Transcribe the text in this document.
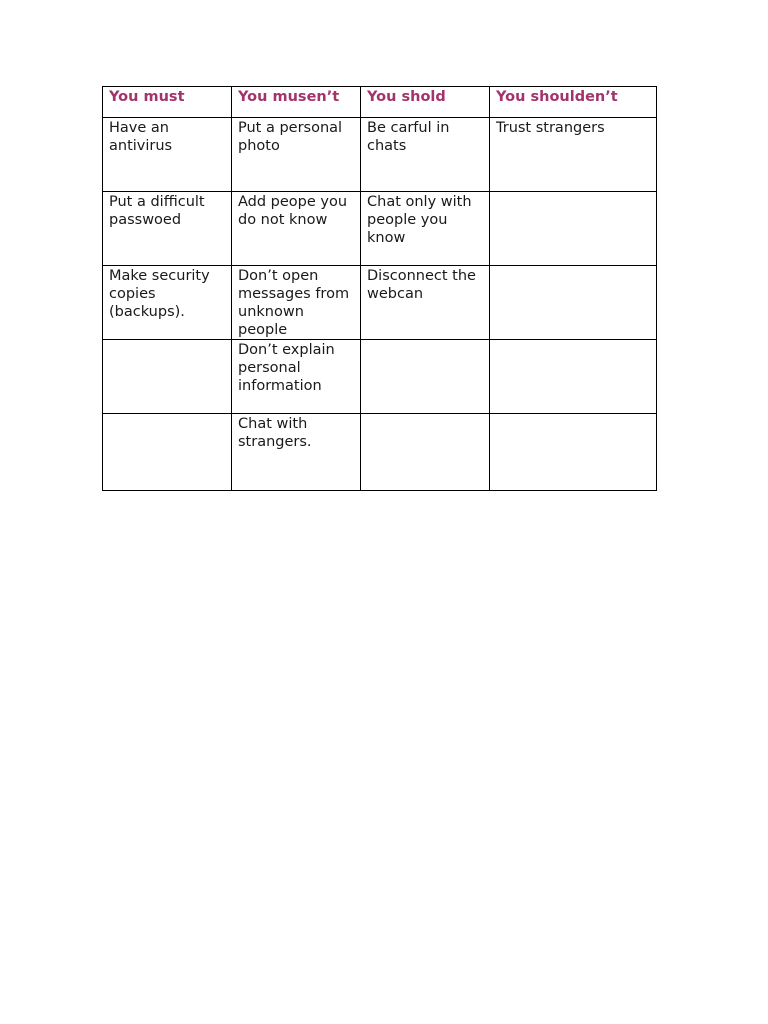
You must	You musen’t	You shold	You shoulden’t
Have an antivirus	Put a personal photo	Be carful in chats	Trust strangers
Put a difficult passwoed	Add peope you do not know	Chat only with people you know	
Make security copies (backups).	Don’t open messages from unknown people	Disconnect the webcan	
	Don’t explain personal information		
	Chat with strangers.		
